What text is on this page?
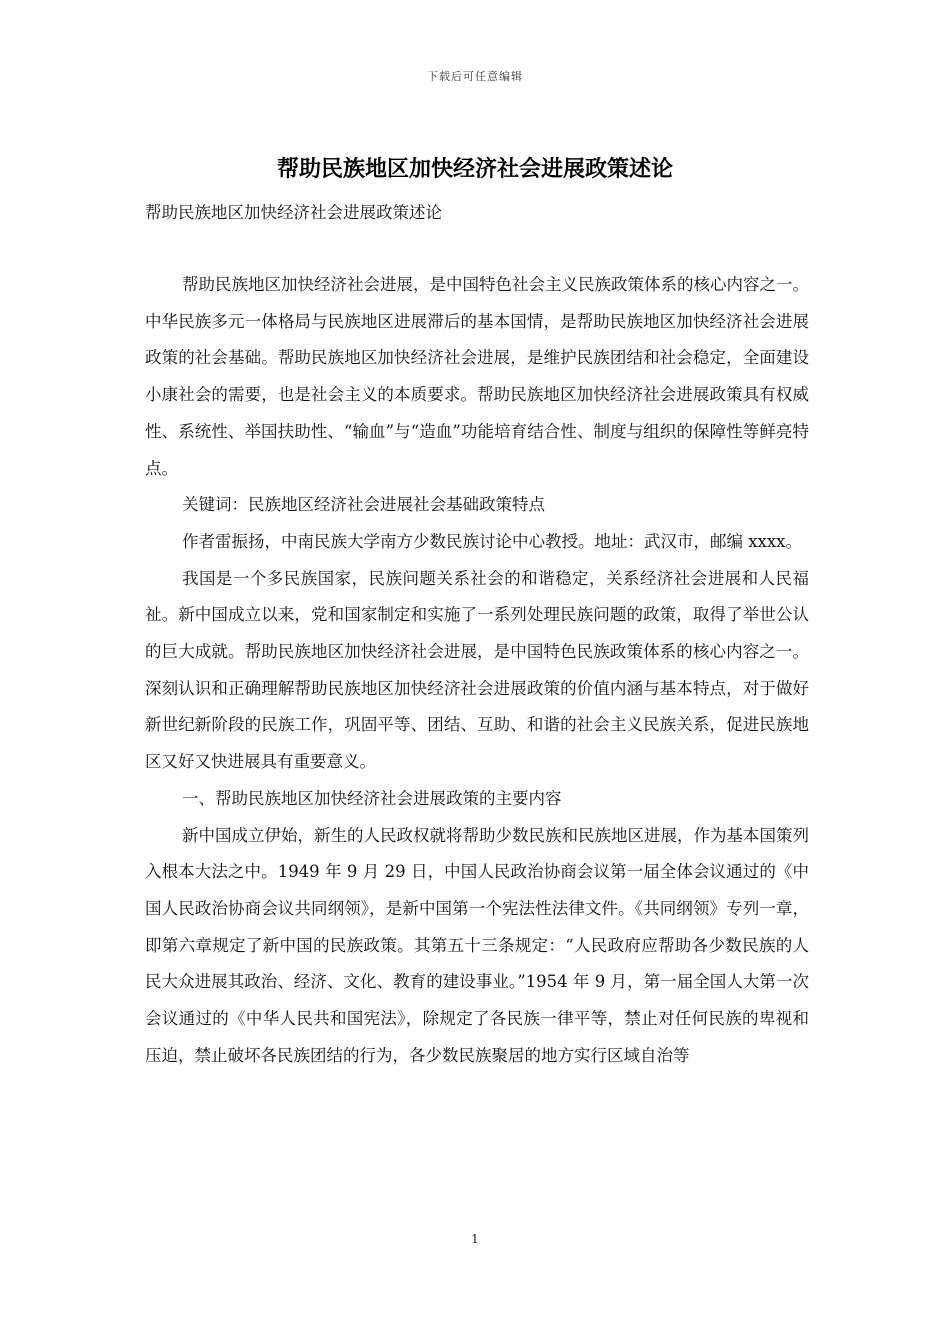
下载后可任意编辑
帮助民族地区加快经济社会进展政策述论
帮助民族地区加快经济社会进展政策述论

帮助民族地区加快经济社会进展，是中国特色社会主义民族政策体系的核心内容之一。中华民族多元一体格局与民族地区进展滞后的基本国情，是帮助民族地区加快经济社会进展政策的社会基础。帮助民族地区加快经济社会进展，是维护民族团结和社会稳定，全面建设小康社会的需要，也是社会主义的本质要求。帮助民族地区加快经济社会进展政策具有权威性、系统性、举国扶助性、“输血”与“造血”功能培育结合性、制度与组织的保障性等鲜亮特点。

关键词：民族地区经济社会进展社会基础政策特点

作者雷振扬，中南民族大学南方少数民族讨论中心教授。地址：武汉市，邮编 xxxx。

我国是一个多民族国家，民族问题关系社会的和谐稳定，关系经济社会进展和人民福祉。新中国成立以来，党和国家制定和实施了一系列处理民族问题的政策，取得了举世公认的巨大成就。帮助民族地区加快经济社会进展，是中国特色民族政策体系的核心内容之一。深刻认识和正确理解帮助民族地区加快经济社会进展政策的价值内涵与基本特点，对于做好新世纪新阶段的民族工作，巩固平等、团结、互助、和谐的社会主义民族关系，促进民族地区又好又快进展具有重要意义。

一、帮助民族地区加快经济社会进展政策的主要内容

新中国成立伊始，新生的人民政权就将帮助少数民族和民族地区进展，作为基本国策列入根本大法之中。1949 年 9 月 29 日，中国人民政治协商会议第一届全体会议通过的《中国人民政治协商会议共同纲领》，是新中国第一个宪法性法律文件。《共同纲领》专列一章，即第六章规定了新中国的民族政策。其第五十三条规定：“人民政府应帮助各少数民族的人民大众进展其政治、经济、文化、教育的建设事业。”1954 年 9 月，第一届全国人大第一次会议通过的《中华人民共和国宪法》，除规定了各民族一律平等，禁止对任何民族的卑视和压迫，禁止破坏各民族团结的行为，各少数民族聚居的地方实行区域自治等

1
